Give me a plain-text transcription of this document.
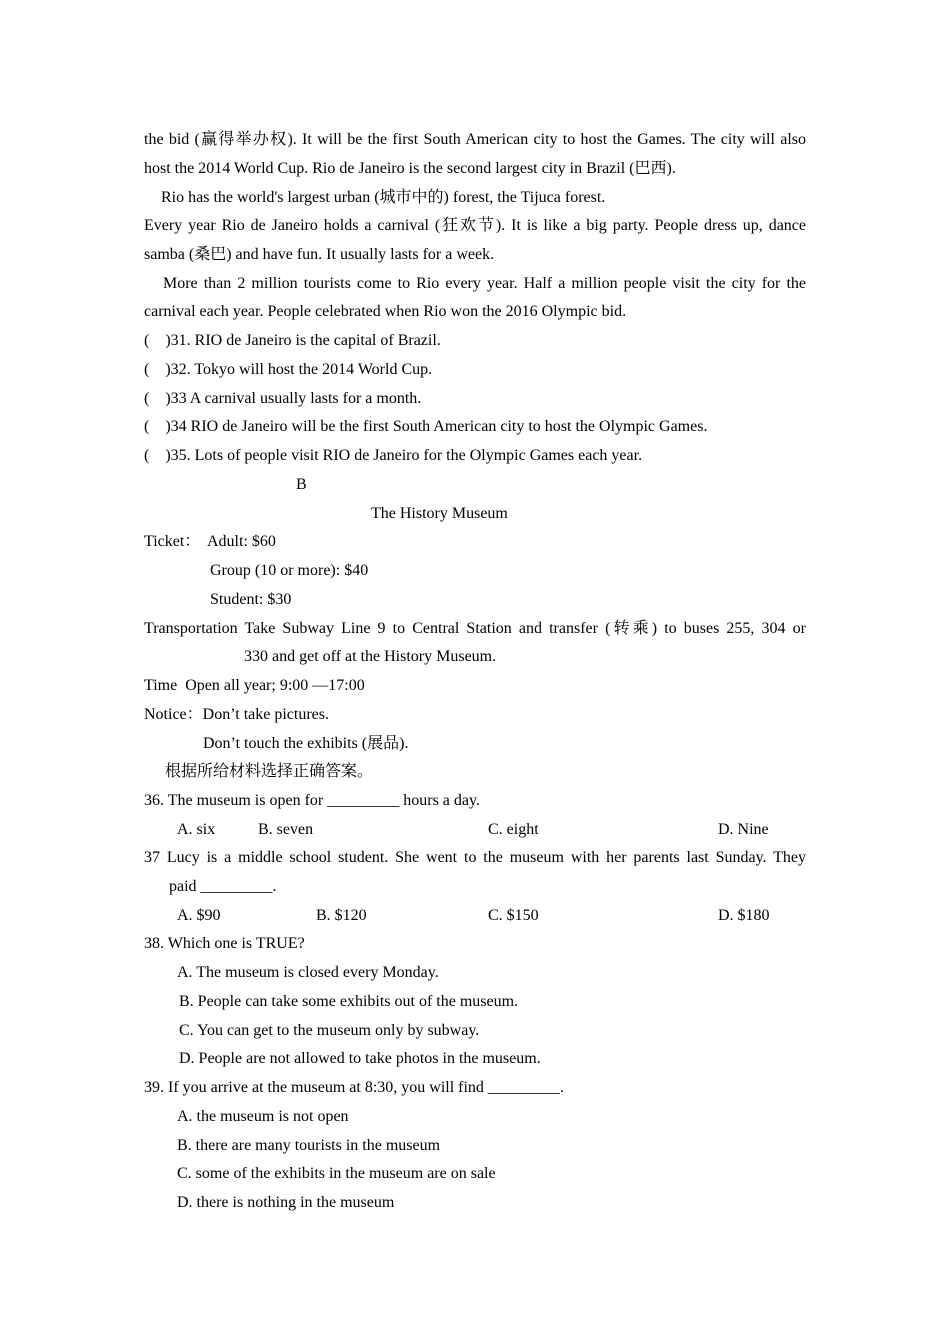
the bid (赢得举办权). It will be the first South American city to host the Games. The city will also
host the 2014 World Cup. Rio de Janeiro is the second largest city in Brazil (巴西).
Rio has the world's largest urban (城市中的) forest, the Tijuca forest.
Every year Rio de Janeiro holds a carnival (狂欢节). It is like a big party. People dress up, dance
samba (桑巴) and have fun. It usually lasts for a week.
More than 2 million tourists come to Rio every year. Half a million people visit the city for the
carnival each year. People celebrated when Rio won the 2016 Olympic bid.
(    )31. RIO de Janeiro is the capital of Brazil.
(    )32. Tokyo will host the 2014 World Cup.
(    )33 A carnival usually lasts for a month.
(    )34 RIO de Janeiro will be the first South American city to host the Olympic Games.
(    )35. Lots of people visit RIO de Janeiro for the Olympic Games each year.
B
The History Museum
Ticket： Adult: $60
Group (10 or more): $40
Student: $30
Transportation Take Subway Line 9 to Central Station and transfer (转乘) to buses 255, 304 or
330 and get off at the History Museum.
Time  Open all year; 9:00 —17:00
Notice：Don’t take pictures.
Don’t touch the exhibits (展品).
根据所给材料选择正确答案。
36. The museum is open for _________ hours a day.
A. six	B. seven	C. eight	D. Nine
37 Lucy is a middle school student. She went to the museum with her parents last Sunday. They
paid _________.
A. $90	B. $120	C. $150	D. $180
38. Which one is TRUE?
A. The museum is closed every Monday.
B. People can take some exhibits out of the museum.
C. You can get to the museum only by subway.
D. People are not allowed to take photos in the museum.
39. If you arrive at the museum at 8:30, you will find _________.
A. the museum is not open
B. there are many tourists in the museum
C. some of the exhibits in the museum are on sale
D. there is nothing in the museum
